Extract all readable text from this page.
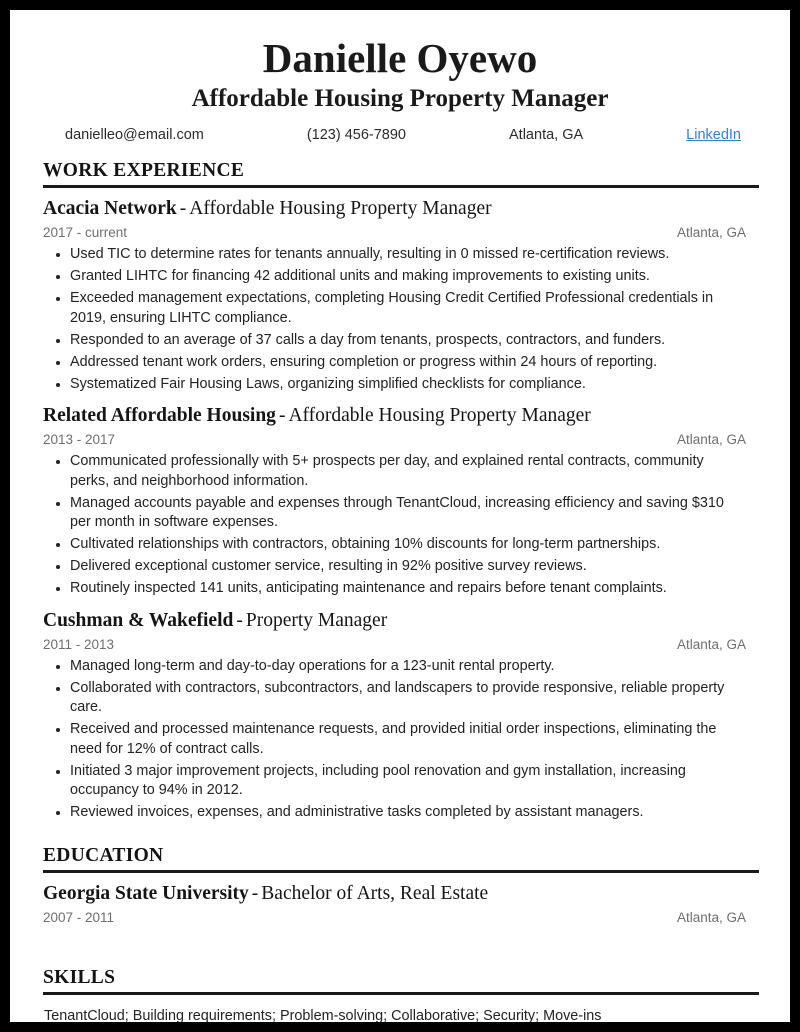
Danielle Oyewo
Affordable Housing Property Manager
danielleo@email.com	(123) 456-7890	Atlanta, GA	LinkedIn
WORK EXPERIENCE
Acacia Network - Affordable Housing Property Manager
2017 - current	Atlanta, GA
Used TIC to determine rates for tenants annually, resulting in 0 missed re-certification reviews.
Granted LIHTC for financing 42 additional units and making improvements to existing units.
Exceeded management expectations, completing Housing Credit Certified Professional credentials in 2019, ensuring LIHTC compliance.
Responded to an average of 37 calls a day from tenants, prospects, contractors, and funders.
Addressed tenant work orders, ensuring completion or progress within 24 hours of reporting.
Systematized Fair Housing Laws, organizing simplified checklists for compliance.
Related Affordable Housing - Affordable Housing Property Manager
2013 - 2017	Atlanta, GA
Communicated professionally with 5+ prospects per day, and explained rental contracts, community perks, and neighborhood information.
Managed accounts payable and expenses through TenantCloud, increasing efficiency and saving $310 per month in software expenses.
Cultivated relationships with contractors, obtaining 10% discounts for long-term partnerships.
Delivered exceptional customer service, resulting in 92% positive survey reviews.
Routinely inspected 141 units, anticipating maintenance and repairs before tenant complaints.
Cushman & Wakefield - Property Manager
2011 - 2013	Atlanta, GA
Managed long-term and day-to-day operations for a 123-unit rental property.
Collaborated with contractors, subcontractors, and landscapers to provide responsive, reliable property care.
Received and processed maintenance requests, and provided initial order inspections, eliminating the need for 12% of contract calls.
Initiated 3 major improvement projects, including pool renovation and gym installation, increasing occupancy to 94% in 2012.
Reviewed invoices, expenses, and administrative tasks completed by assistant managers.
EDUCATION
Georgia State University - Bachelor of Arts, Real Estate
2007 - 2011	Atlanta, GA
SKILLS
TenantCloud; Building requirements; Problem-solving; Collaborative; Security; Move-ins
